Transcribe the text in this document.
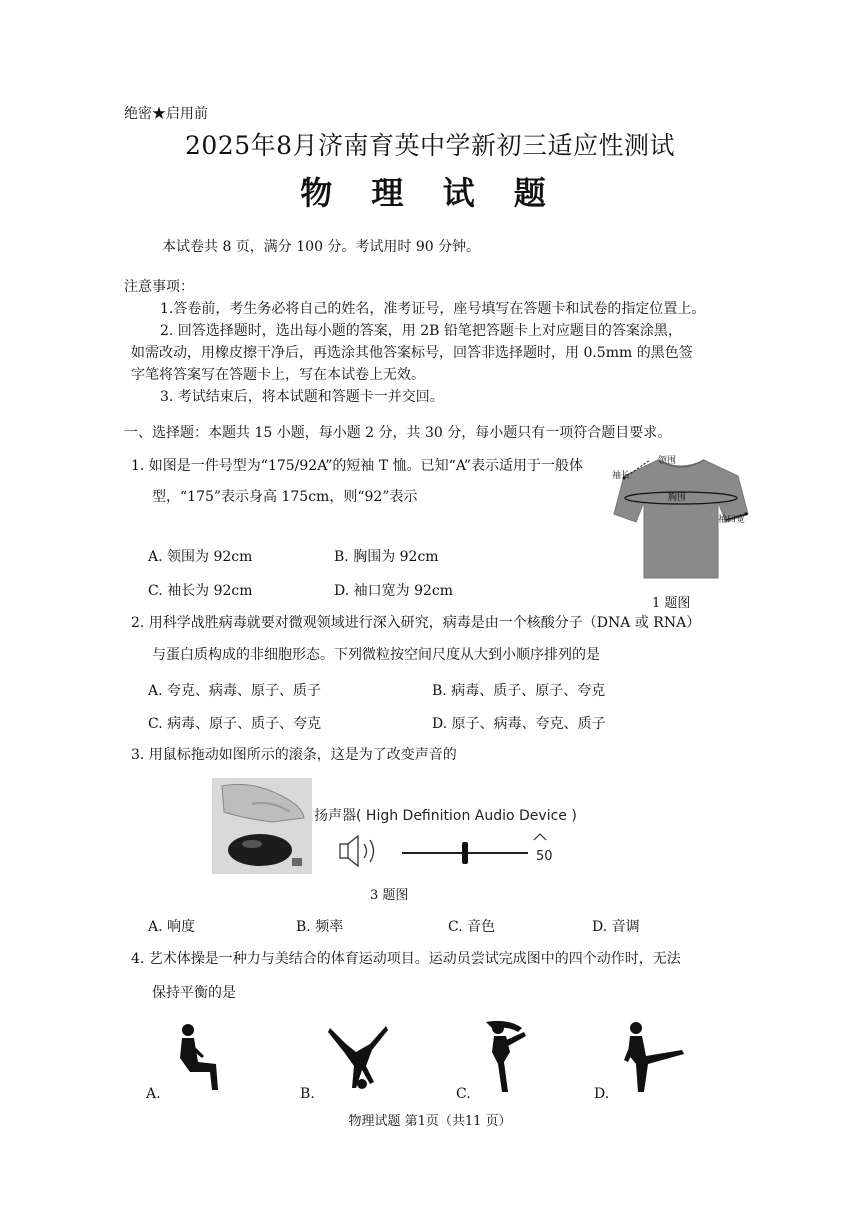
绝密★启用前
2025年8月济南育英中学新初三适应性测试
物 理 试 题
本试卷共 8 页，满分 100 分。考试用时 90 分钟。
注意事项：
1.答卷前，考生务必将自己的姓名，准考证号，座号填写在答题卡和试卷的指定位置上。
2. 回答选择题时，选出每小题的答案，用 2B 铅笔把答题卡上对应题目的答案涂黑，
如需改动，用橡皮擦干净后，再选涂其他答案标号，回答非选择题时，用 0.5mm 的黑色签
字笔将答案写在答题卡上，写在本试卷上无效。
3. 考试结束后，将本试题和答题卡一并交回。
一、选择题：本题共 15 小题，每小题 2 分，共 30 分，每小题只有一项符合题目要求。
1. 如图是一件号型为“175/92A”的短袖 T 恤。已知“A”表示适用于一般体
型，“175”表示身高 175cm，则“92”表示
A. 领围为 92cm	B. 胸围为 92cm
C. 袖长为 92cm	D. 袖口宽为 92cm
领围
袖长
胸围
袖口宽
1 题图
2. 用科学战胜病毒就要对微观领域进行深入研究，病毒是由一个核酸分子（DNA 或 RNA）
与蛋白质构成的非细胞形态。下列微粒按空间尺度从大到小顺序排列的是
A. 夸克、病毒、原子、质子	B. 病毒、质子、原子、夸克
C. 病毒、原子、质子、夸克	D. 原子、病毒、夸克、质子
3. 用鼠标拖动如图所示的滚条，这是为了改变声音的
扬声器( High Definition Audio Device )
50
3 题图
A. 响度	B. 频率	C. 音色	D. 音调
4. 艺术体操是一种力与美结合的体育运动项目。运动员尝试完成图中的四个动作时，无法
保持平衡的是
A.	B.	C.	D.
物理试题 第1页（共11 页）
